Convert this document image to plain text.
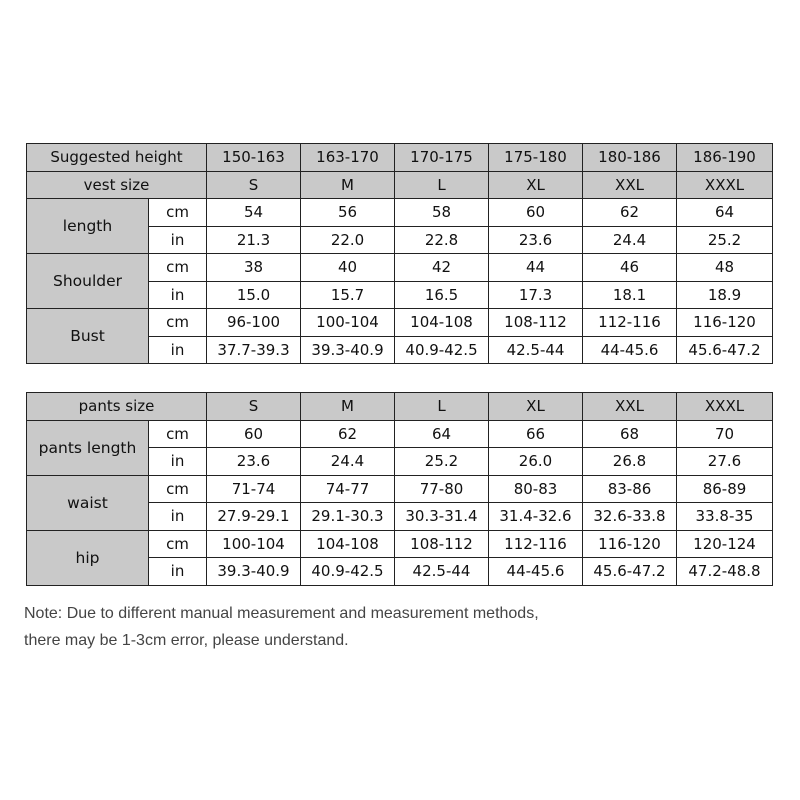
Suggested height		150-163	163-170	170-175	175-180	180-186	186-190
vest size		S	M	L	XL	XXL	XXXL
length	cm	54	56	58	60	62	64
	in	21.3	22.0	22.8	23.6	24.4	25.2
Shoulder	cm	38	40	42	44	46	48
	in	15.0	15.7	16.5	17.3	18.1	18.9
Bust	cm	96-100	100-104	104-108	108-112	112-116	116-120
	in	37.7-39.3	39.3-40.9	40.9-42.5	42.5-44	44-45.6	45.6-47.2
pants size		S	M	L	XL	XXL	XXXL
pants length	cm	60	62	64	66	68	70
	in	23.6	24.4	25.2	26.0	26.8	27.6
waist	cm	71-74	74-77	77-80	80-83	83-86	86-89
	in	27.9-29.1	29.1-30.3	30.3-31.4	31.4-32.6	32.6-33.8	33.8-35
hip	cm	100-104	104-108	108-112	112-116	116-120	120-124
	in	39.3-40.9	40.9-42.5	42.5-44	44-45.6	45.6-47.2	47.2-48.8
Note: Due to different manual measurement and measurement methods,
there may be 1-3cm error, please understand.
